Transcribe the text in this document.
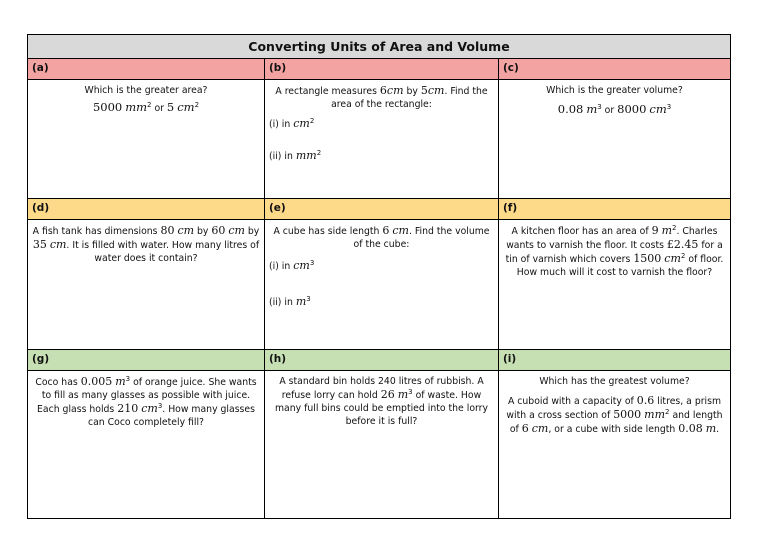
Converting Units of Area and Volume
(a)

Which is the greater area?

5000 $mm^2$ or 5 $cm^2$

(b)

A rectangle measures 6cm by 5cm. Find the area of the rectangle:

(i) in $cm^2$

(ii) in $mm^2$

(c)

Which is the greater volume?

0.08 $m^3$ or 8000 $cm^3$

(d)

A fish tank has dimensions 80 cm by 60 cm by 35 cm. It is filled with water. How many litres of water does it contain?

(e)

A cube has side length 6 cm. Find the volume of the cube:

(i) in $cm^3$

(ii) in $m^3$

(f)

A kitchen floor has an area of 9 $m^2$. Charles wants to varnish the floor. It costs £2.45 for a tin of varnish which covers 1500 $cm^2$ of floor. How much will it cost to varnish the floor?

(g)

Coco has 0.005 $m^3$ of orange juice. She wants to fill as many glasses as possible with juice. Each glass holds 210 $cm^3$. How many glasses can Coco completely fill?

(h)

A standard bin holds 240 litres of rubbish. A refuse lorry can hold 26 $m^3$ of waste. How many full bins could be emptied into the lorry before it is full?

(i)

Which has the greatest volume?

A cuboid with a capacity of 0.6 litres, a prism with a cross section of 5000 $mm^2$ and length of 6 cm, or a cube with side length 0.08 m.
